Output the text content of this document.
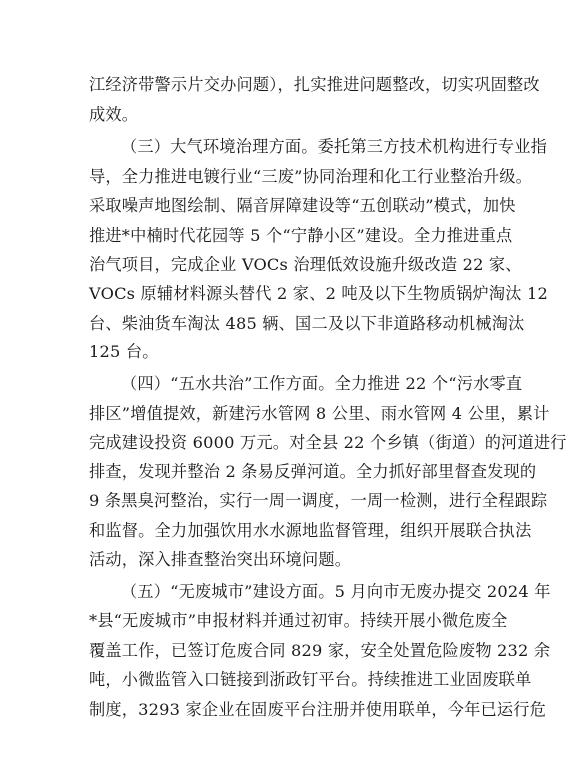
江经济带警示片交办问题），扎实推进问题整改，切实巩固整改
成效。
（三）大气环境治理方面。委托第三方技术机构进行专业指
导，全力推进电镀行业“三废”协同治理和化工行业整治升级。
采取噪声地图绘制、隔音屏障建设等“五创联动”模式，加快
推进*中楠时代花园等 5 个“宁静小区”建设。全力推进重点
治气项目，完成企业 VOCs 治理低效设施升级改造 22 家、
VOCs 原辅材料源头替代 2 家、2 吨及以下生物质锅炉淘汰 12
台、柴油货车淘汰 485 辆、国二及以下非道路移动机械淘汰
125 台。
（四）“五水共治”工作方面。全力推进 22 个“污水零直
排区”增值提效，新建污水管网 8 公里、雨水管网 4 公里，累计
完成建设投资 6000 万元。对全县 22 个乡镇（街道）的河道进行
排查，发现并整治 2 条易反弹河道。全力抓好部里督查发现的
9 条黑臭河整治，实行一周一调度，一周一检测，进行全程跟踪
和监督。全力加强饮用水水源地监督管理，组织开展联合执法
活动，深入排查整治突出环境问题。
（五）“无废城市”建设方面。5 月向市无废办提交 2024 年
*县“无废城市”申报材料并通过初审。持续开展小微危废全
覆盖工作，已签订危废合同 829 家，安全处置危险废物 232 余
吨，小微监管入口链接到浙政钉平台。持续推进工业固废联单
制度，3293 家企业在固废平台注册并使用联单，今年已运行危
